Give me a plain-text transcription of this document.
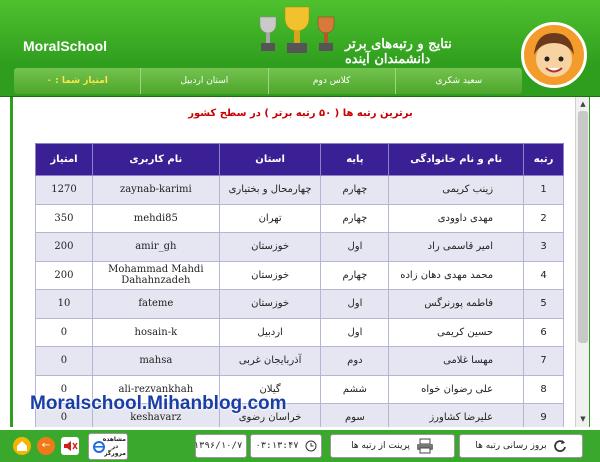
MoralSchool	نتایج و رتبه‌های برتر دانشمندان آینده
سعید شکری
کلاس دوم
استان اردبیل
امتیاز شما : ۰
برترین رتبه ها ( ۵۰ رتبه برتر ) در سطح کشور
رتبه	نام و نام خانوادگی	پایه	استان	نام کاربری	امتیاز
1	زینب کریمی	چهارم	چهارمحال و بختیاری	zaynab-karimi	1270
2	مهدی داوودی	چهارم	تهران	mehdi85	350
3	امیر قاسمی راد	اول	خوزستان	amir_gh	200
4	محمد مهدی دهان زاده	چهارم	خوزستان	Mohammad Mahdi Dahahnzadeh	200
5	فاطمه پورنرگس	اول	خوزستان	fateme	10
6	حسین کریمی	اول	اردبیل	hosain-k	0
7	مهسا غلامی	دوم	آذربایجان غربی	mahsa	0
8	علی رضوان خواه	ششم	گیلان	ali-rezvankhah	0
9	علیرضا کشاورز	سوم	خراسان رضوی	keshavarz	0
▲
▼
Moralschool.Mihanblog.com
بروز رسانی رتبه ها
پرینت از رتبه ها
۰۳:۱۳:۴۷
۱۳۹۶/۱۰/۷
مشاهده در مرورگر
←
